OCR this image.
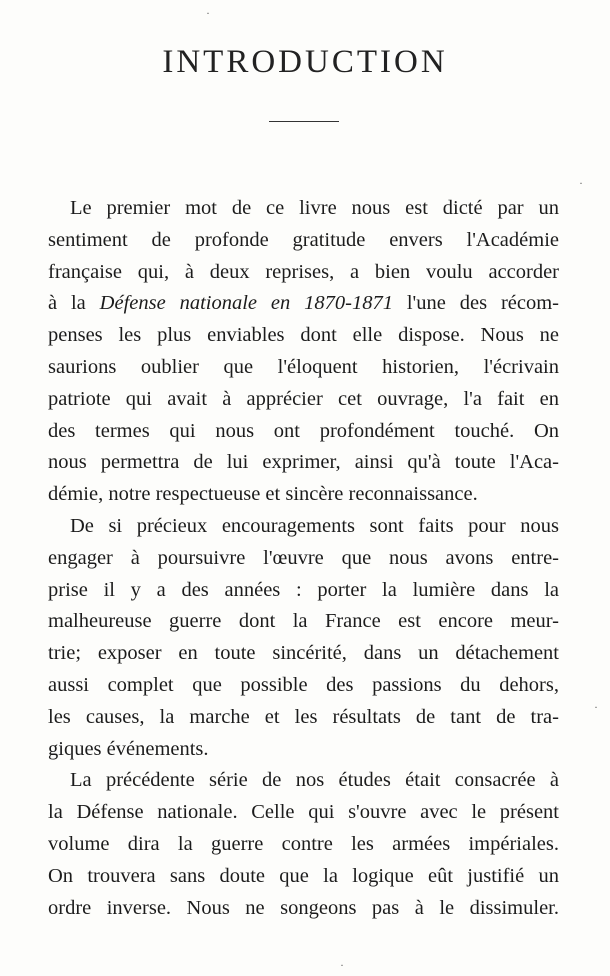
INTRODUCTION
Le premier mot de ce livre nous est dicté par un
sentiment de profonde gratitude envers l'Académie
française qui, à deux reprises, a bien voulu accorder
à la Défense nationale en 1870-1871 l'une des récom-
penses les plus enviables dont elle dispose. Nous ne
saurions oublier que l'éloquent historien, l'écrivain
patriote qui avait à apprécier cet ouvrage, l'a fait en
des termes qui nous ont profondément touché. On
nous permettra de lui exprimer, ainsi qu'à toute l'Aca-
démie, notre respectueuse et sincère reconnaissance.
De si précieux encouragements sont faits pour nous
engager à poursuivre l'œuvre que nous avons entre-
prise il y a des années : porter la lumière dans la
malheureuse guerre dont la France est encore meur-
trie; exposer en toute sincérité, dans un détachement
aussi complet que possible des passions du dehors,
les causes, la marche et les résultats de tant de tra-
giques événements.
La précédente série de nos études était consacrée à
la Défense nationale. Celle qui s'ouvre avec le présent
volume dira la guerre contre les armées impériales.
On trouvera sans doute que la logique eût justifié un
ordre inverse. Nous ne songeons pas à le dissimuler.
·
·
·
·
